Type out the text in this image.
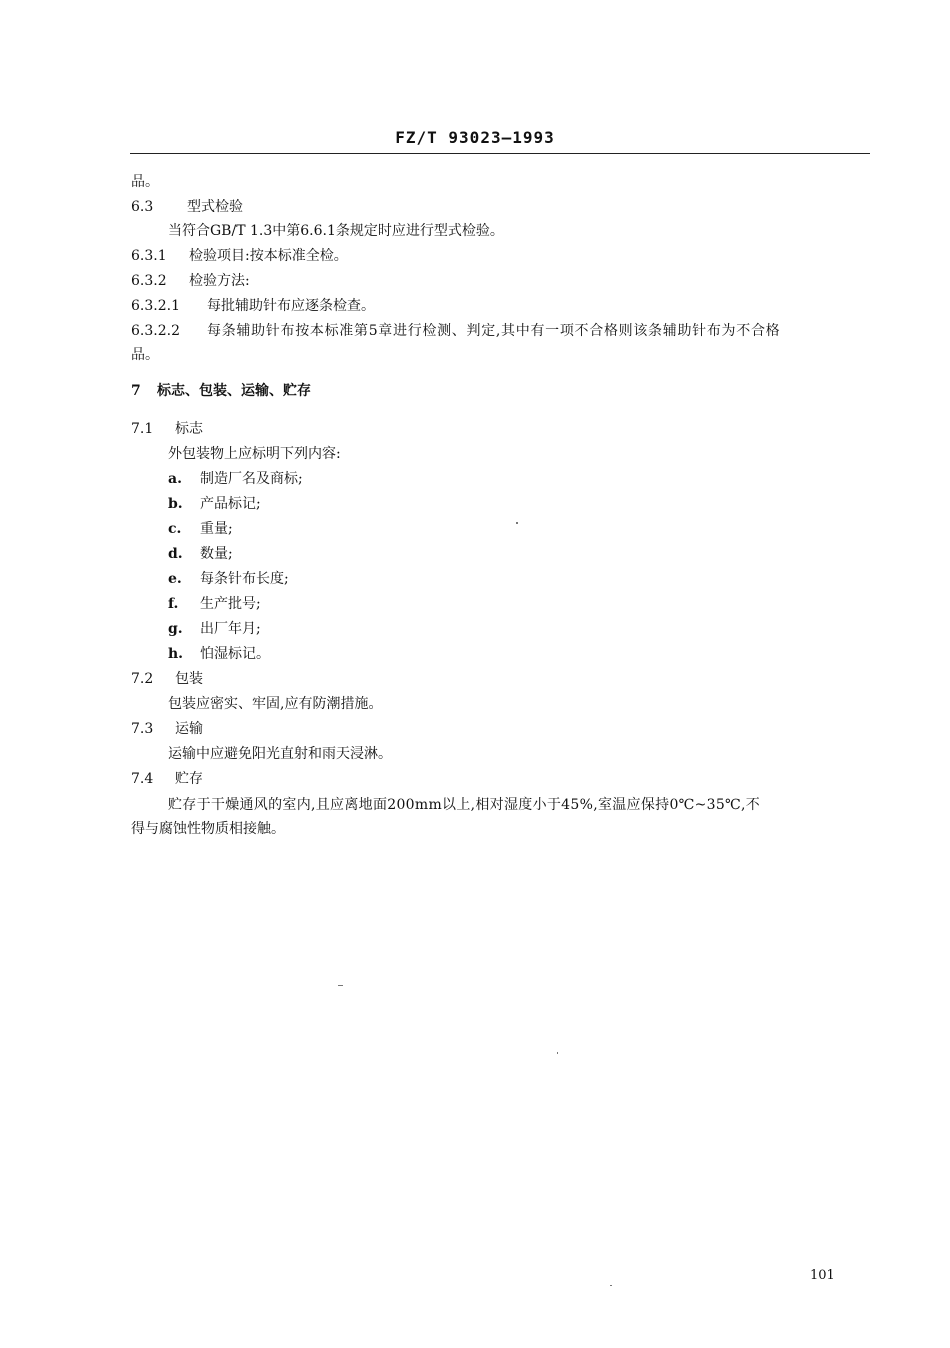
FZ/T 93023—1993
品。
6.3 型式检验
当符合GB/T 1.3中第6.6.1条规定时应进行型式检验。
6.3.1 检验项目:按本标准全检。
6.3.2 检验方法:
6.3.2.1 每批辅助针布应逐条检查。
6.3.2.2 每条辅助针布按本标准第5章进行检测、判定,其中有一项不合格则该条辅助针布为不合格
品。
7 标志、包装、运输、贮存
7.1 标志
外包装物上应标明下列内容:
a. 制造厂名及商标;
b. 产品标记;
c. 重量;
d. 数量;
e. 每条针布长度;
f. 生产批号;
g. 出厂年月;
h. 怕湿标记。
7.2 包装
包装应密实、牢固,应有防潮措施。
7.3 运输
运输中应避免阳光直射和雨天浸淋。
7.4 贮存
贮存于干燥通风的室内,且应离地面200mm以上,相对湿度小于45%,室温应保持0℃~35℃,不
得与腐蚀性物质相接触。
101
